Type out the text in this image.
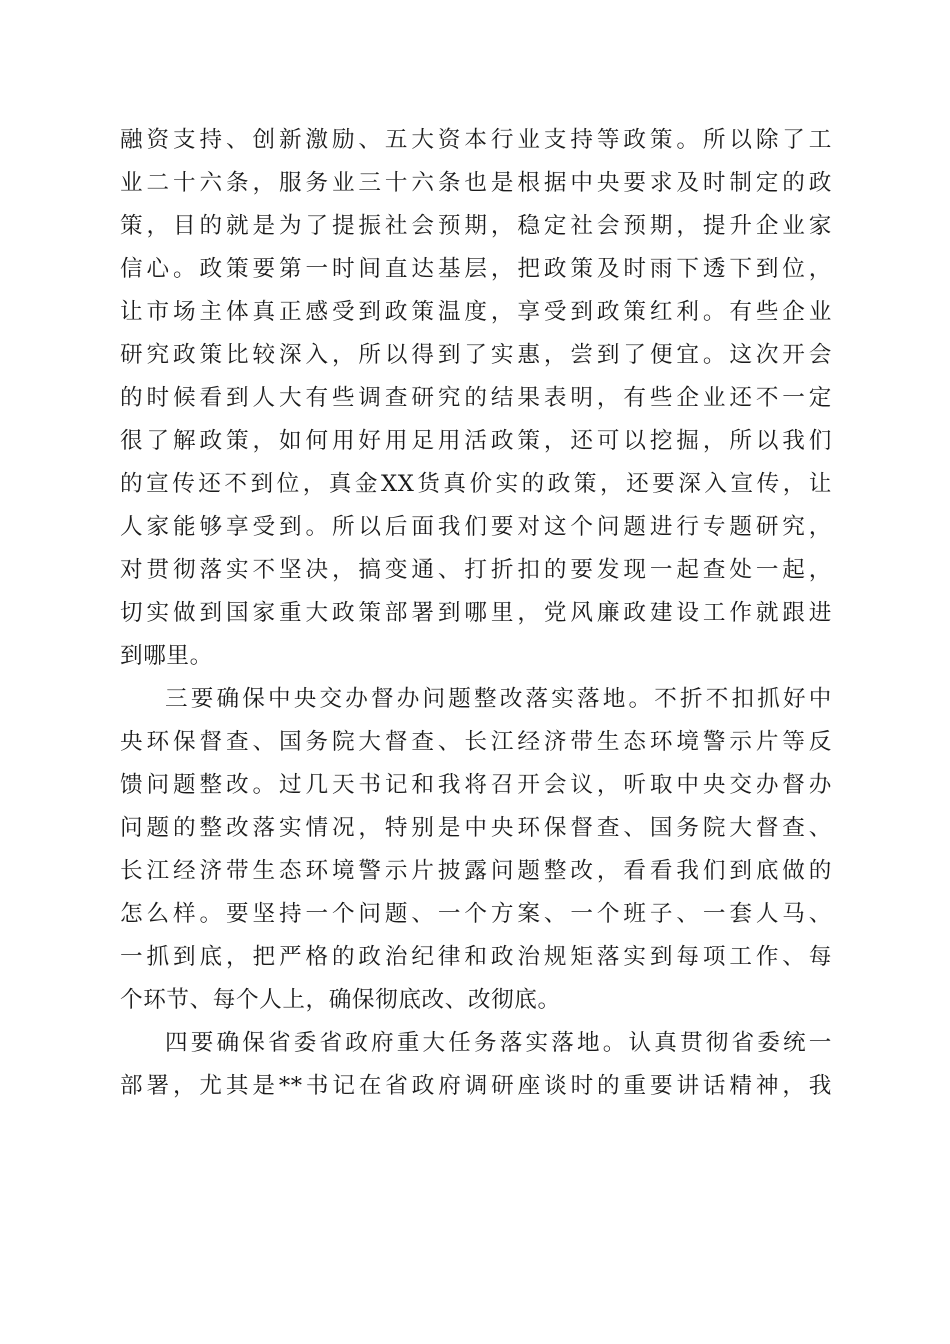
融资支持、创新激励、五大资本行业支持等政策。所以除了工
业二十六条，服务业三十六条也是根据中央要求及时制定的政
策，目的就是为了提振社会预期，稳定社会预期，提升企业家
信心。政策要第一时间直达基层，把政策及时雨下透下到位，
让市场主体真正感受到政策温度，享受到政策红利。有些企业
研究政策比较深入，所以得到了实惠，尝到了便宜。这次开会
的时候看到人大有些调查研究的结果表明，有些企业还不一定
很了解政策，如何用好用足用活政策，还可以挖掘，所以我们
的宣传还不到位，真金XX货真价实的政策，还要深入宣传，让
人家能够享受到。所以后面我们要对这个问题进行专题研究，
对贯彻落实不坚决，搞变通、打折扣的要发现一起查处一起，
切实做到国家重大政策部署到哪里，党风廉政建设工作就跟进
到哪里。
三要确保中央交办督办问题整改落实落地。不折不扣抓好中
央环保督查、国务院大督查、长江经济带生态环境警示片等反
馈问题整改。过几天书记和我将召开会议，听取中央交办督办
问题的整改落实情况，特别是中央环保督查、国务院大督查、
长江经济带生态环境警示片披露问题整改，看看我们到底做的
怎么样。要坚持一个问题、一个方案、一个班子、一套人马、
一抓到底，把严格的政治纪律和政治规矩落实到每项工作、每
个环节、每个人上，确保彻底改、改彻底。
四要确保省委省政府重大任务落实落地。认真贯彻省委统一
部署，尤其是**书记在省政府调研座谈时的重要讲话精神，我
